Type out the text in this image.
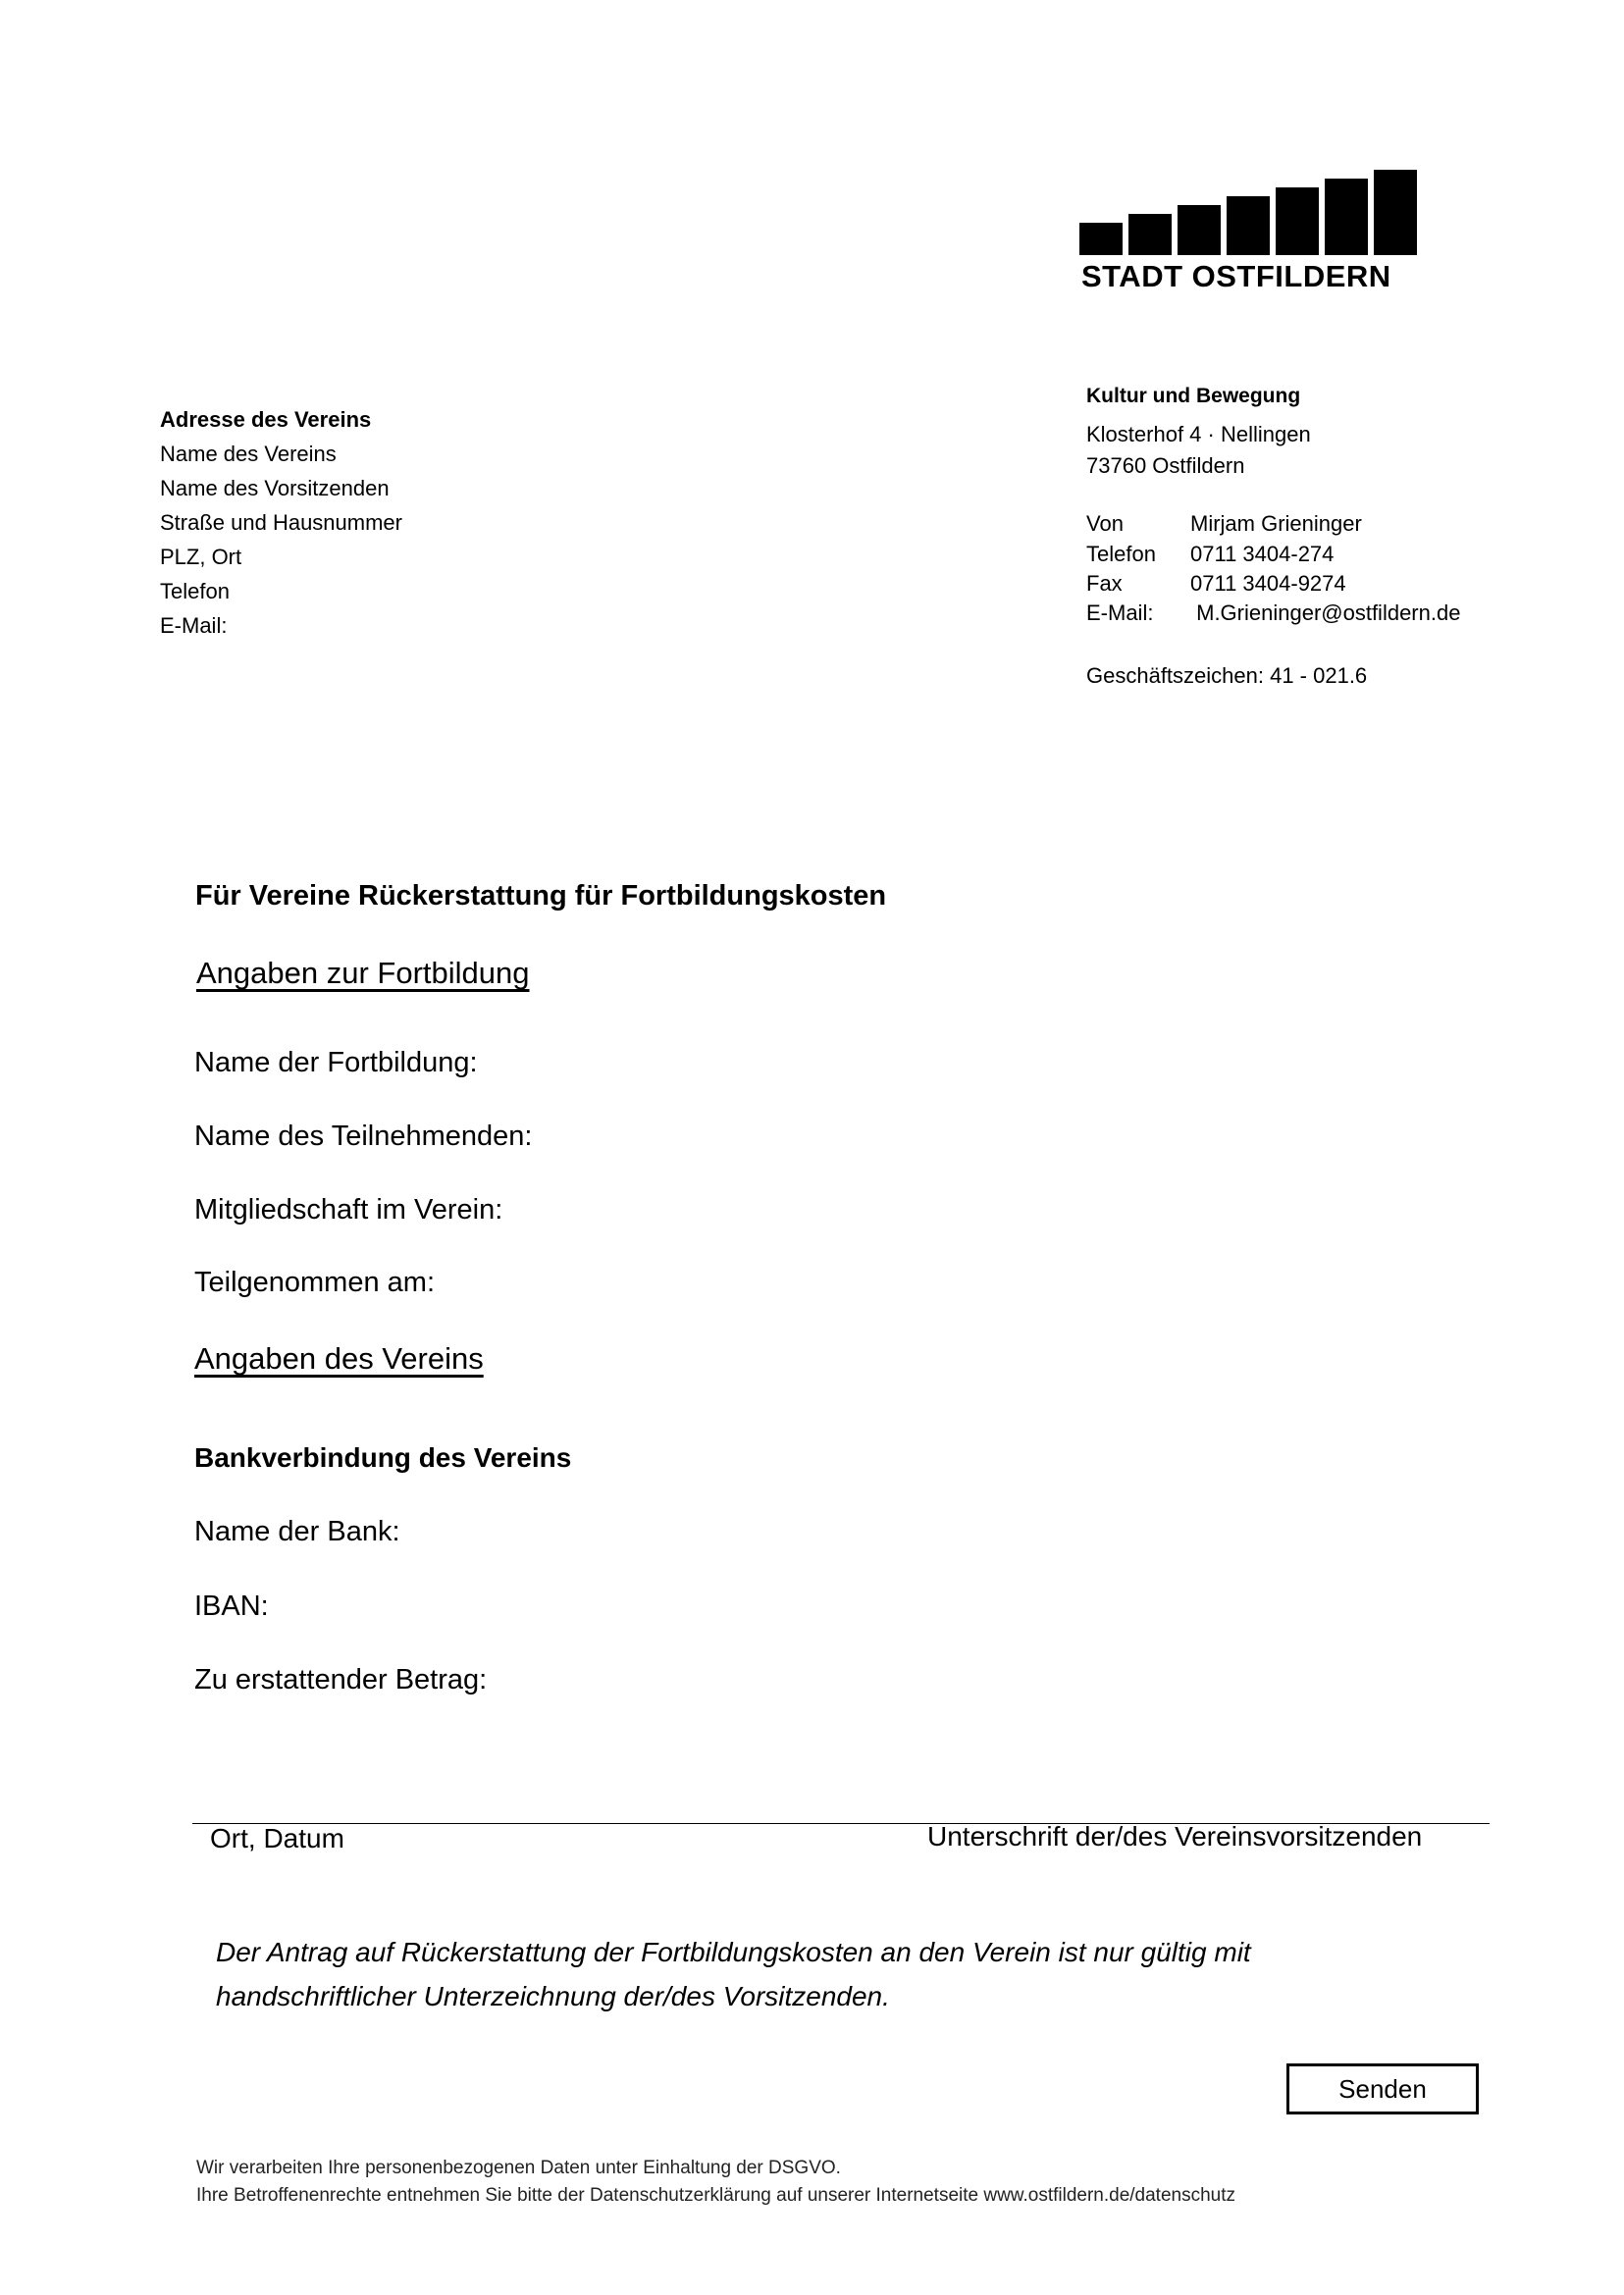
STADT OSTFILDERN
Adresse des Vereins
Name des Vereins
Name des Vorsitzenden
Straße und Hausnummer
PLZ, Ort
Telefon
E-Mail:
Kultur und Bewegung
Klosterhof 4 · Nellingen
73760 Ostfildern
Von	Mirjam Grieninger
Telefon 0711 3404-274
Fax	0711 3404-9274
E-Mail: M.Grieninger@ostfildern.de
Geschäftszeichen: 41 - 021.6
Für Vereine Rückerstattung für Fortbildungskosten
Angaben zur Fortbildung
Name der Fortbildung:
Name des Teilnehmenden:
Mitgliedschaft im Verein:
Teilgenommen am:
Angaben des Vereins
Bankverbindung des Vereins
Name der Bank:
IBAN:
Zu erstattender Betrag:
Ort, Datum	Unterschrift der/des Vereinsvorsitzenden
Der Antrag auf Rückerstattung der Fortbildungskosten an den Verein ist nur gültig mit handschriftlicher Unterzeichnung der/des Vorsitzenden.
Senden
Wir verarbeiten Ihre personenbezogenen Daten unter Einhaltung der DSGVO.
Ihre Betroffenenrechte entnehmen Sie bitte der Datenschutzerklärung auf unserer Internetseite www.ostfildern.de/datenschutz
